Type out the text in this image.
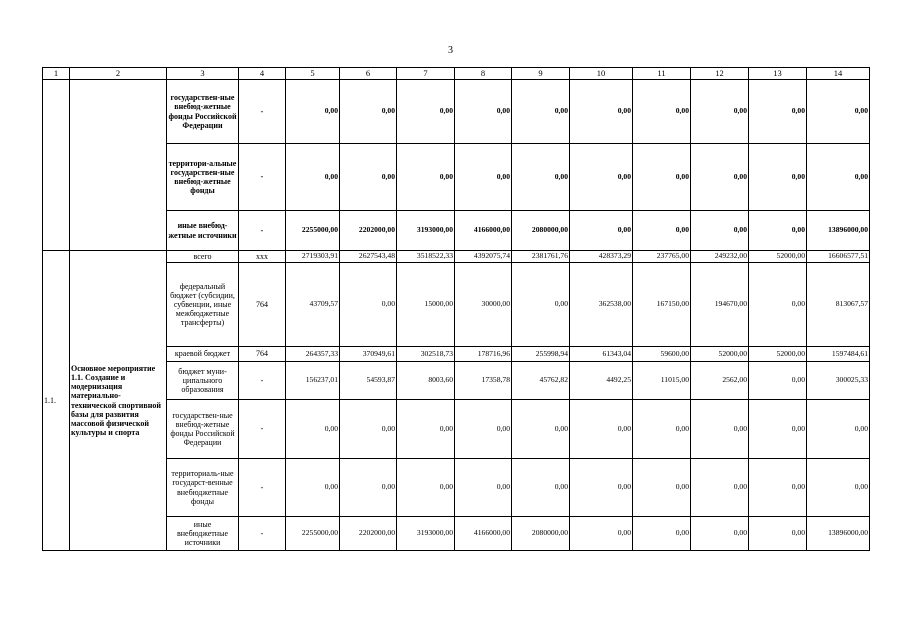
3
1	2	3	4	5	6	7	8	9	10	11	12	13	14
		государствен-ные внебюд-жетные фонды Российской Федерации	-	0,00	0,00	0,00	0,00	0,00	0,00	0,00	0,00	0,00	0,00
		территори-альные государствен-ные внебюд-жетные фонды	-	0,00	0,00	0,00	0,00	0,00	0,00	0,00	0,00	0,00	0,00
		иные внебюд-жетные источники	-	2255000,00	2202000,00	3193000,00	4166000,00	2080000,00	0,00	0,00	0,00	0,00	13896000,00
1.1.	Основное мероприятие 1.1. Создание и модернизация материально-технической спортивной базы для развития массовой физической культуры и спорта	всего	xxx	2719303,91	2627543,48	3518522,33	4392075,74	2381761,76	428373,29	237765,00	249232,00	52000,00	16606577,51
		федеральный бюджет (субсидии, субвенции, иные межбюджетные трансферты)	764	43709,57	0,00	15000,00	30000,00	0,00	362538,00	167150,00	194670,00	0,00	813067,57
		краевой бюджет	764	264357,33	370949,61	302518,73	178716,96	255998,94	61343,04	59600,00	52000,00	52000,00	1597484,61
		бюджет муни-ципального образования	-	156237,01	54593,87	8003,60	17358,78	45762,82	4492,25	11015,00	2562,00	0,00	300025,33
		государствен-ные внебюд-жетные фонды Российской Федерации	-	0,00	0,00	0,00	0,00	0,00	0,00	0,00	0,00	0,00	0,00
		территориаль-ные государст-венные внебюджетные фонды	-	0,00	0,00	0,00	0,00	0,00	0,00	0,00	0,00	0,00	0,00
		иные внебюджетные источники	-	2255000,00	2202000,00	3193000,00	4166000,00	2080000,00	0,00	0,00	0,00	0,00	13896000,00
